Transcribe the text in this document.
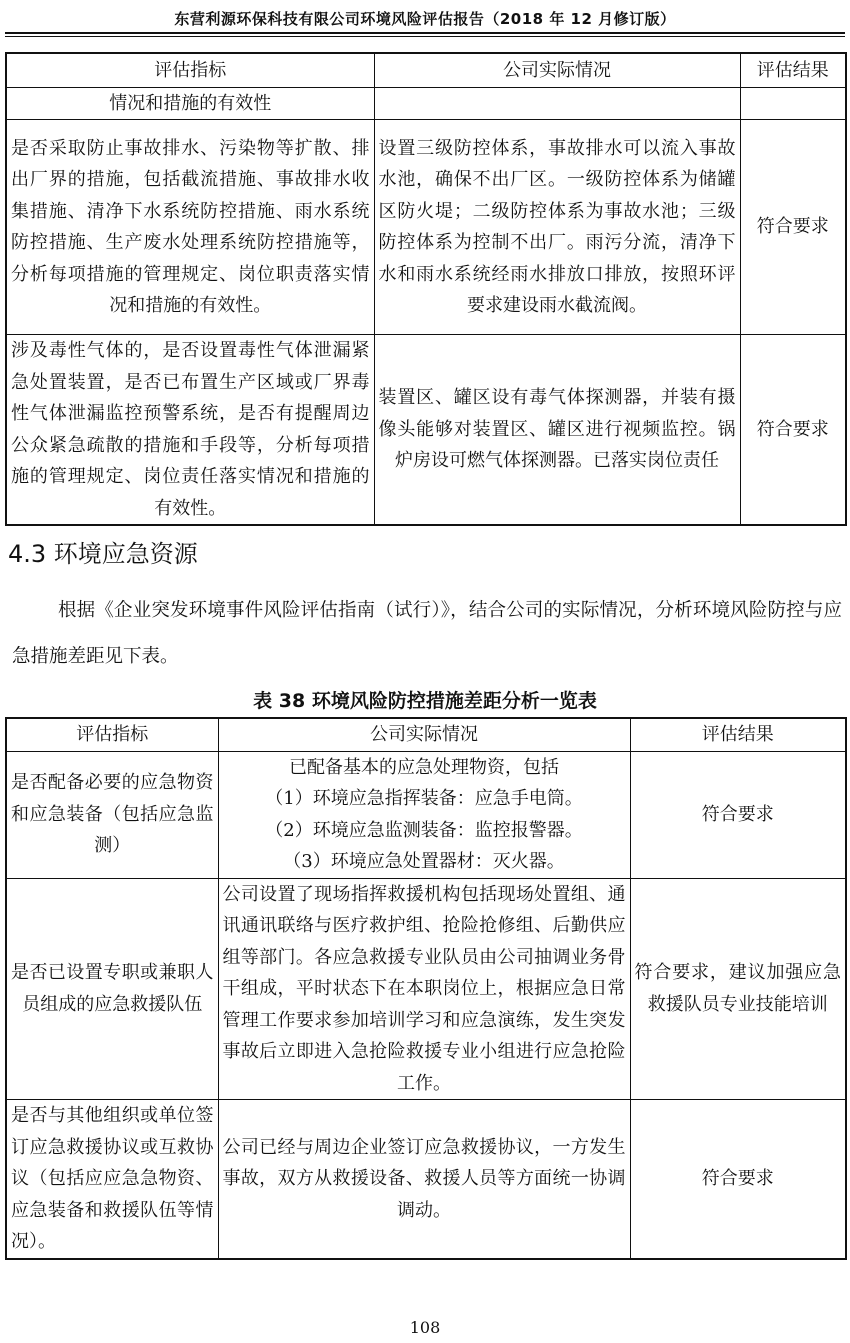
东营利源环保科技有限公司环境风险评估报告（2018 年 12 月修订版）
评估指标	公司实际情况	评估结果
情况和措施的有效性		
是否采取防止事故排水、污染物等扩散、排出厂界的措施，包括截流措施、事故排水收集措施、清净下水系统防控措施、雨水系统防控措施、生产废水处理系统防控措施等，分析每项措施的管理规定、岗位职责落实情况和措施的有效性。	设置三级防控体系，事故排水可以流入事故水池，确保不出厂区。一级防控体系为储罐区防火堤；二级防控体系为事故水池；三级防控体系为控制不出厂。雨污分流，清净下水和雨水系统经雨水排放口排放，按照环评要求建设雨水截流阀。	符合要求
涉及毒性气体的，是否设置毒性气体泄漏紧急处置装置，是否已布置生产区域或厂界毒性气体泄漏监控预警系统，是否有提醒周边公众紧急疏散的措施和手段等，分析每项措施的管理规定、岗位责任落实情况和措施的有效性。	装置区、罐区设有毒气体探测器，并装有摄像头能够对装置区、罐区进行视频监控。锅炉房设可燃气体探测器。已落实岗位责任	符合要求
4.3 环境应急资源
根据《企业突发环境事件风险评估指南（试行）》，结合公司的实际情况，分析环境风险防控与应急措施差距见下表。
表 38 环境风险防控措施差距分析一览表
评估指标	公司实际情况	评估结果
是否配备必要的应急物资和应急装备（包括应急监测）	已配备基本的应急处理物资，包括
（1）环境应急指挥装备：应急手电筒。
（2）环境应急监测装备：监控报警器。
（3）环境应急处置器材：灭火器。	符合要求
是否已设置专职或兼职人员组成的应急救援队伍	公司设置了现场指挥救援机构包括现场处置组、通讯通讯联络与医疗救护组、抢险抢修组、后勤供应组等部门。各应急救援专业队员由公司抽调业务骨干组成，平时状态下在本职岗位上，根据应急日常管理工作要求参加培训学习和应急演练，发生突发事故后立即进入急抢险救援专业小组进行应急抢险工作。	符合要求，建议加强应急救援队员专业技能培训
是否与其他组织或单位签订应急救援协议或互救协议（包括应应急急物资、应急装备和救援队伍等情况）。	公司已经与周边企业签订应急救援协议，一方发生事故，双方从救援设备、救援人员等方面统一协调调动。	符合要求
108
